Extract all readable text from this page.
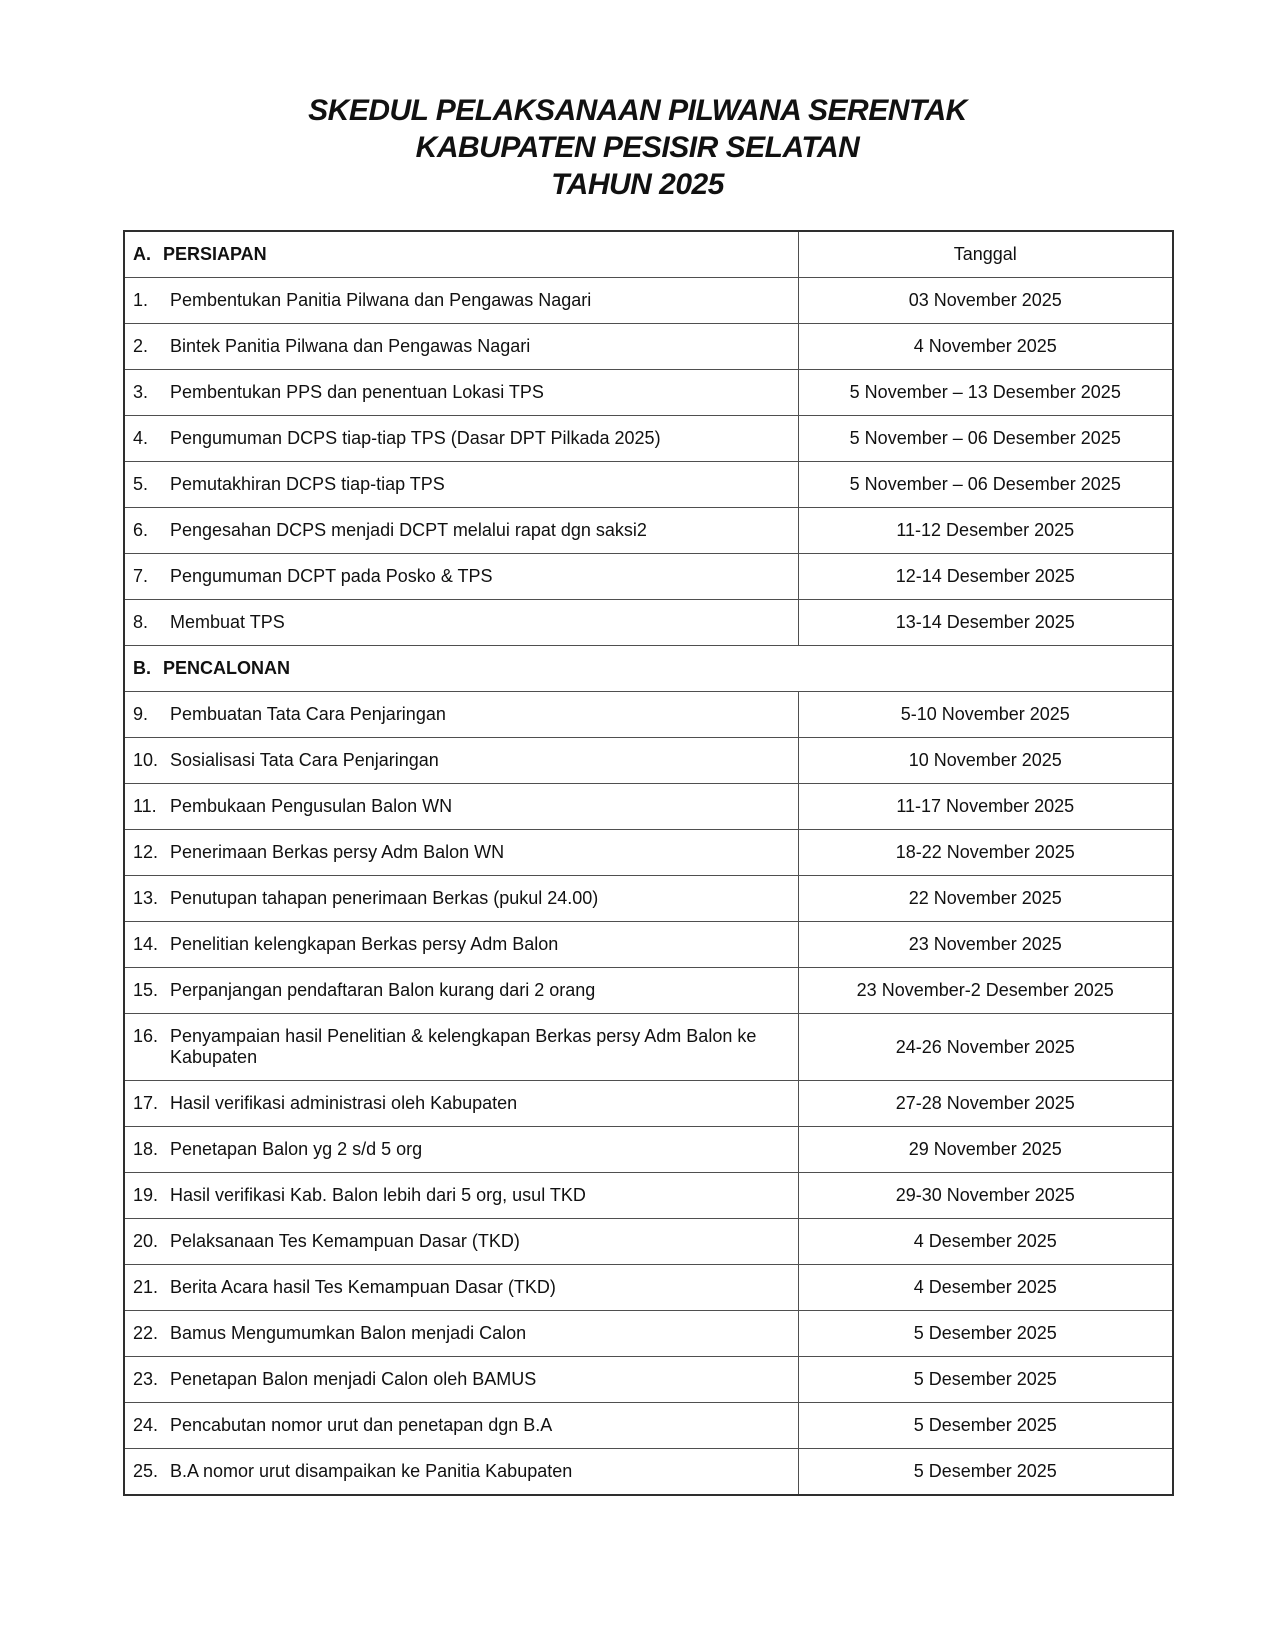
SKEDUL PELAKSANAAN PILWANA SERENTAK
KABUPATEN PESISIR SELATAN
TAHUN 2025
A. PERSIAPAN	Tanggal

1. Pembentukan Panitia Pilwana dan Pengawas Nagari	03 November 2025

2. Bintek Panitia Pilwana dan Pengawas Nagari	4 November 2025

3. Pembentukan PPS dan penentuan Lokasi TPS	5 November – 13 Desember 2025

4. Pengumuman DCPS tiap-tiap TPS (Dasar DPT Pilkada 2025)	5 November – 06 Desember 2025

5. Pemutakhiran DCPS tiap-tiap TPS	5 November – 06 Desember 2025

6. Pengesahan DCPS menjadi DCPT melalui rapat dgn saksi2	11-12 Desember 2025

7. Pengumuman DCPT pada Posko & TPS	12-14 Desember 2025

8. Membuat TPS	13-14 Desember 2025

B. PENCALONAN	

9. Pembuatan Tata Cara Penjaringan	5-10 November 2025

10. Sosialisasi Tata Cara Penjaringan	10 November 2025

11. Pembukaan Pengusulan Balon WN	11-17 November 2025

12. Penerimaan Berkas persy Adm Balon WN	18-22 November 2025

13. Penutupan tahapan penerimaan Berkas (pukul 24.00)	22 November 2025

14. Penelitian kelengkapan Berkas persy Adm Balon	23 November 2025

15. Perpanjangan pendaftaran Balon kurang dari 2 orang	23 November-2 Desember 2025

16. Penyampaian hasil Penelitian & kelengkapan Berkas persy Adm Balon ke Kabupaten	24-26 November 2025

17. Hasil verifikasi administrasi oleh Kabupaten	27-28 November 2025

18. Penetapan Balon yg 2 s/d 5 org	29 November 2025

19. Hasil verifikasi Kab. Balon lebih dari 5 org, usul TKD	29-30 November 2025

20. Pelaksanaan Tes Kemampuan Dasar (TKD)	4 Desember 2025

21. Berita Acara hasil Tes Kemampuan Dasar (TKD)	4 Desember 2025

22. Bamus Mengumumkan Balon menjadi Calon	5 Desember 2025

23. Penetapan Balon menjadi Calon oleh BAMUS	5 Desember 2025

24. Pencabutan nomor urut dan penetapan dgn B.A	5 Desember 2025

25. B.A nomor urut disampaikan ke Panitia Kabupaten	5 Desember 2025
